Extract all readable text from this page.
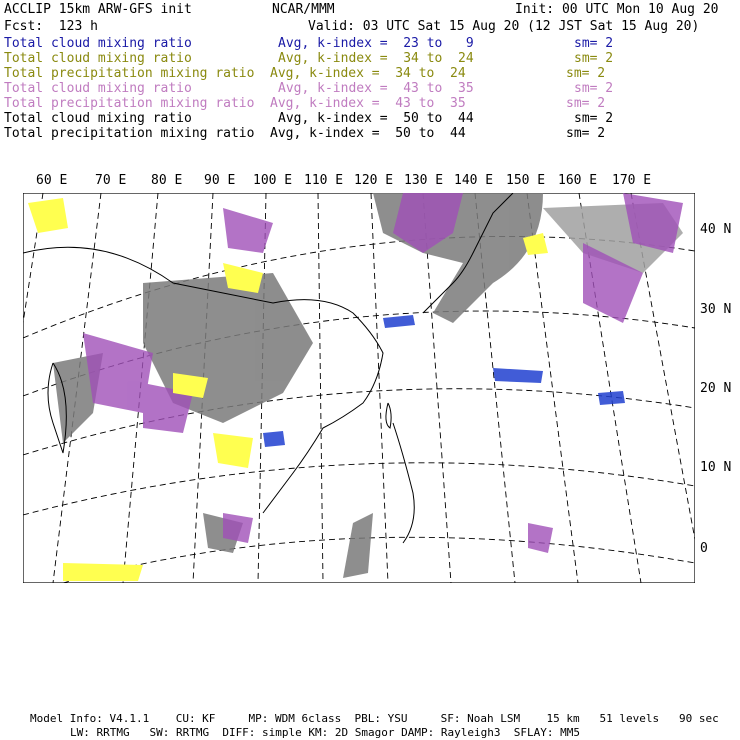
ACCLIP 15km ARW-GFS init	NCAR/MMM	Init: 00 UTC Mon 10 Aug 20
Fcst:  123 h	Valid: 03 UTC Sat 15 Aug 20 (12 JST Sat 15 Aug 20)
Total cloud mixing ratio	Avg, k-index =  23 to   9	sm= 2
Total cloud mixing ratio	Avg, k-index =  34 to  24	sm= 2
Total precipitation mixing ratio Avg, k-index =  34 to  24	sm= 2
Total cloud mixing ratio	Avg, k-index =  43 to  35	sm= 2
Total precipitation mixing ratio Avg, k-index =  43 to  35	sm= 2
Total cloud mixing ratio	Avg, k-index =  50 to  44	sm= 2
Total precipitation mixing ratio Avg, k-index =  50 to  44	sm= 2
60 E 70 E 80 E 90 E 100 E 110 E 120 E 130 E 140 E 150 E 160 E 170 E
40 N
30 N
20 N
10 N
0
Model Info: V4.1.1    CU: KF     MP: WDM 6class  PBL: YSU     SF: Noah LSM    15 km   51 levels   90 sec
LW: RRTMG   SW: RRTMG  DIFF: simple KM: 2D Smagor DAMP: Rayleigh3  SFLAY: MM5
